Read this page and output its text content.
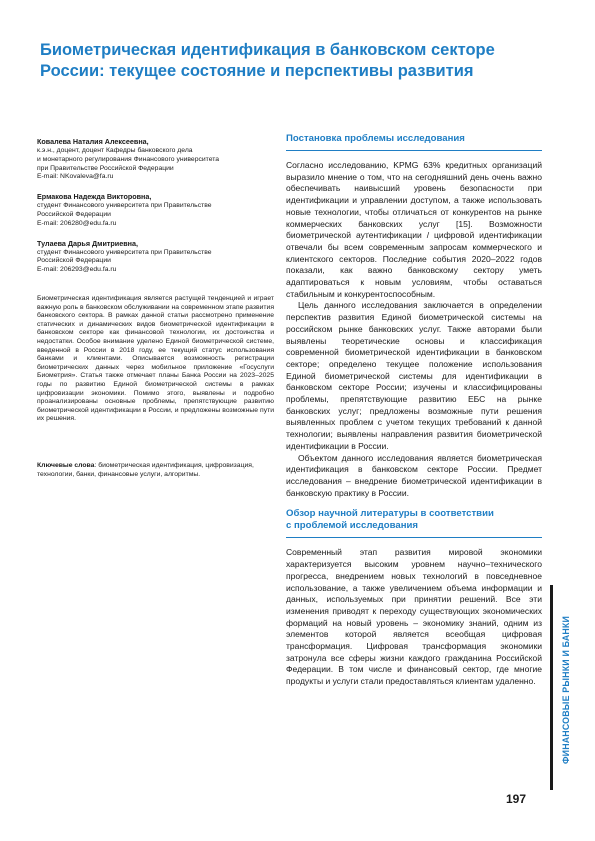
Биометрическая идентификация в банковском секторе России: текущее состояние и перспективы развития
Ковалева Наталия Алексеевна,
к.э.н., доцент, доцент Кафедры банковского дела
и монетарного регулирования Финансового университета
при Правительстве Российской Федерации
E-mail: NKovaleva@fa.ru
Ермакова Надежда Викторовна,
студент Финансового университета при Правительстве
Российской Федерации
E-mail: 206280@edu.fa.ru
Тулаева Дарья Дмитриевна,
студент Финансового университета при Правительстве
Российской Федерации
E-mail: 206293@edu.fa.ru

Биометрическая идентификация является растущей тенденцией и играет важную роль в банковском обслуживании на современном этапе развития банковского сектора. В рамках данной статьи рассмотрено применение статических и динамических видов биометрической идентификации в банковском секторе как финансовой технологии, их достоинства и недостатки. Особое внимание уделено Единой биометрической системе, введенной в России в 2018 году, ее текущий статус использования банками и клиентами. Описывается возможность регистрации биометрических данных через мобильное приложение «Госуслуги Биометрия». Статья также отмечает планы Банка России на 2023–2025 годы по развитию Единой биометрической системы в рамках цифровизации экономики. Помимо этого, выявлены и подробно проанализированы основные проблемы, препятствующие развитию биометрической идентификации в России, и предложены возможные пути их решения.

Ключевые слова: биометрическая идентификация, цифровизация, технологии, банки, финансовые услуги, алгоритмы.

Постановка проблемы исследования

Согласно исследованию, KPMG 63% кредитных организаций выразило мнение о том, что на сегодняшний день очень важно обеспечивать наивысший уровень безопасности при идентификации и управлении доступом, а также использовать новые технологии, чтобы отличаться от конкурентов на рынке коммерческих банковских услуг [15]. Возможности биометрической аутентификации / цифровой идентификации отвечали бы всем современным запросам коммерческого и клиентского секторов. Последние события 2020–2022 годов показали, как важно банковскому сектору уметь адаптироваться к новым условиям, чтобы оставаться стабильным и конкурентоспособным.

Цель данного исследования заключается в определении перспектив развития Единой биометрической системы на российском рынке банковских услуг. Также авторами были выявлены теоретические основы и классификация современной биометрической идентификации в банковском секторе; определено текущее положение использования Единой биометрической системы для идентификации в банковском секторе России; изучены и классифицированы проблемы, препятствующие развитию ЕБС на рынке банковских услуг; предложены возможные пути решения выявленных проблем с учетом текущих требований к данной технологии; выявлены направления развития биометрической идентификации в России.

Объектом данного исследования является биометрическая идентификация в банковском секторе России. Предмет исследования – внедрение биометрической идентификации в банковскую практику в России.

Обзор научной литературы в соответствии
с проблемой исследования

Современный этап развития мировой экономики характеризуется высоким уровнем научно–технического прогресса, внедрением новых технологий в повседневное использование, а также увеличением объема информации и данных, используемых при принятии решений. Все эти изменения приводят к переходу существующих экономических формаций на новый уровень – экономику знаний, одним из элементов которой является всеобщая цифровая трансформация. Цифровая трансформация экономики затронула все сферы жизни каждого гражданина Российской Федерации. В том числе и финансовый сектор, где многие продукты и услуги стали предоставляться клиентам удаленно.	ФИНАНСОВЫЕ РЫНКИ И БАНКИ
197
